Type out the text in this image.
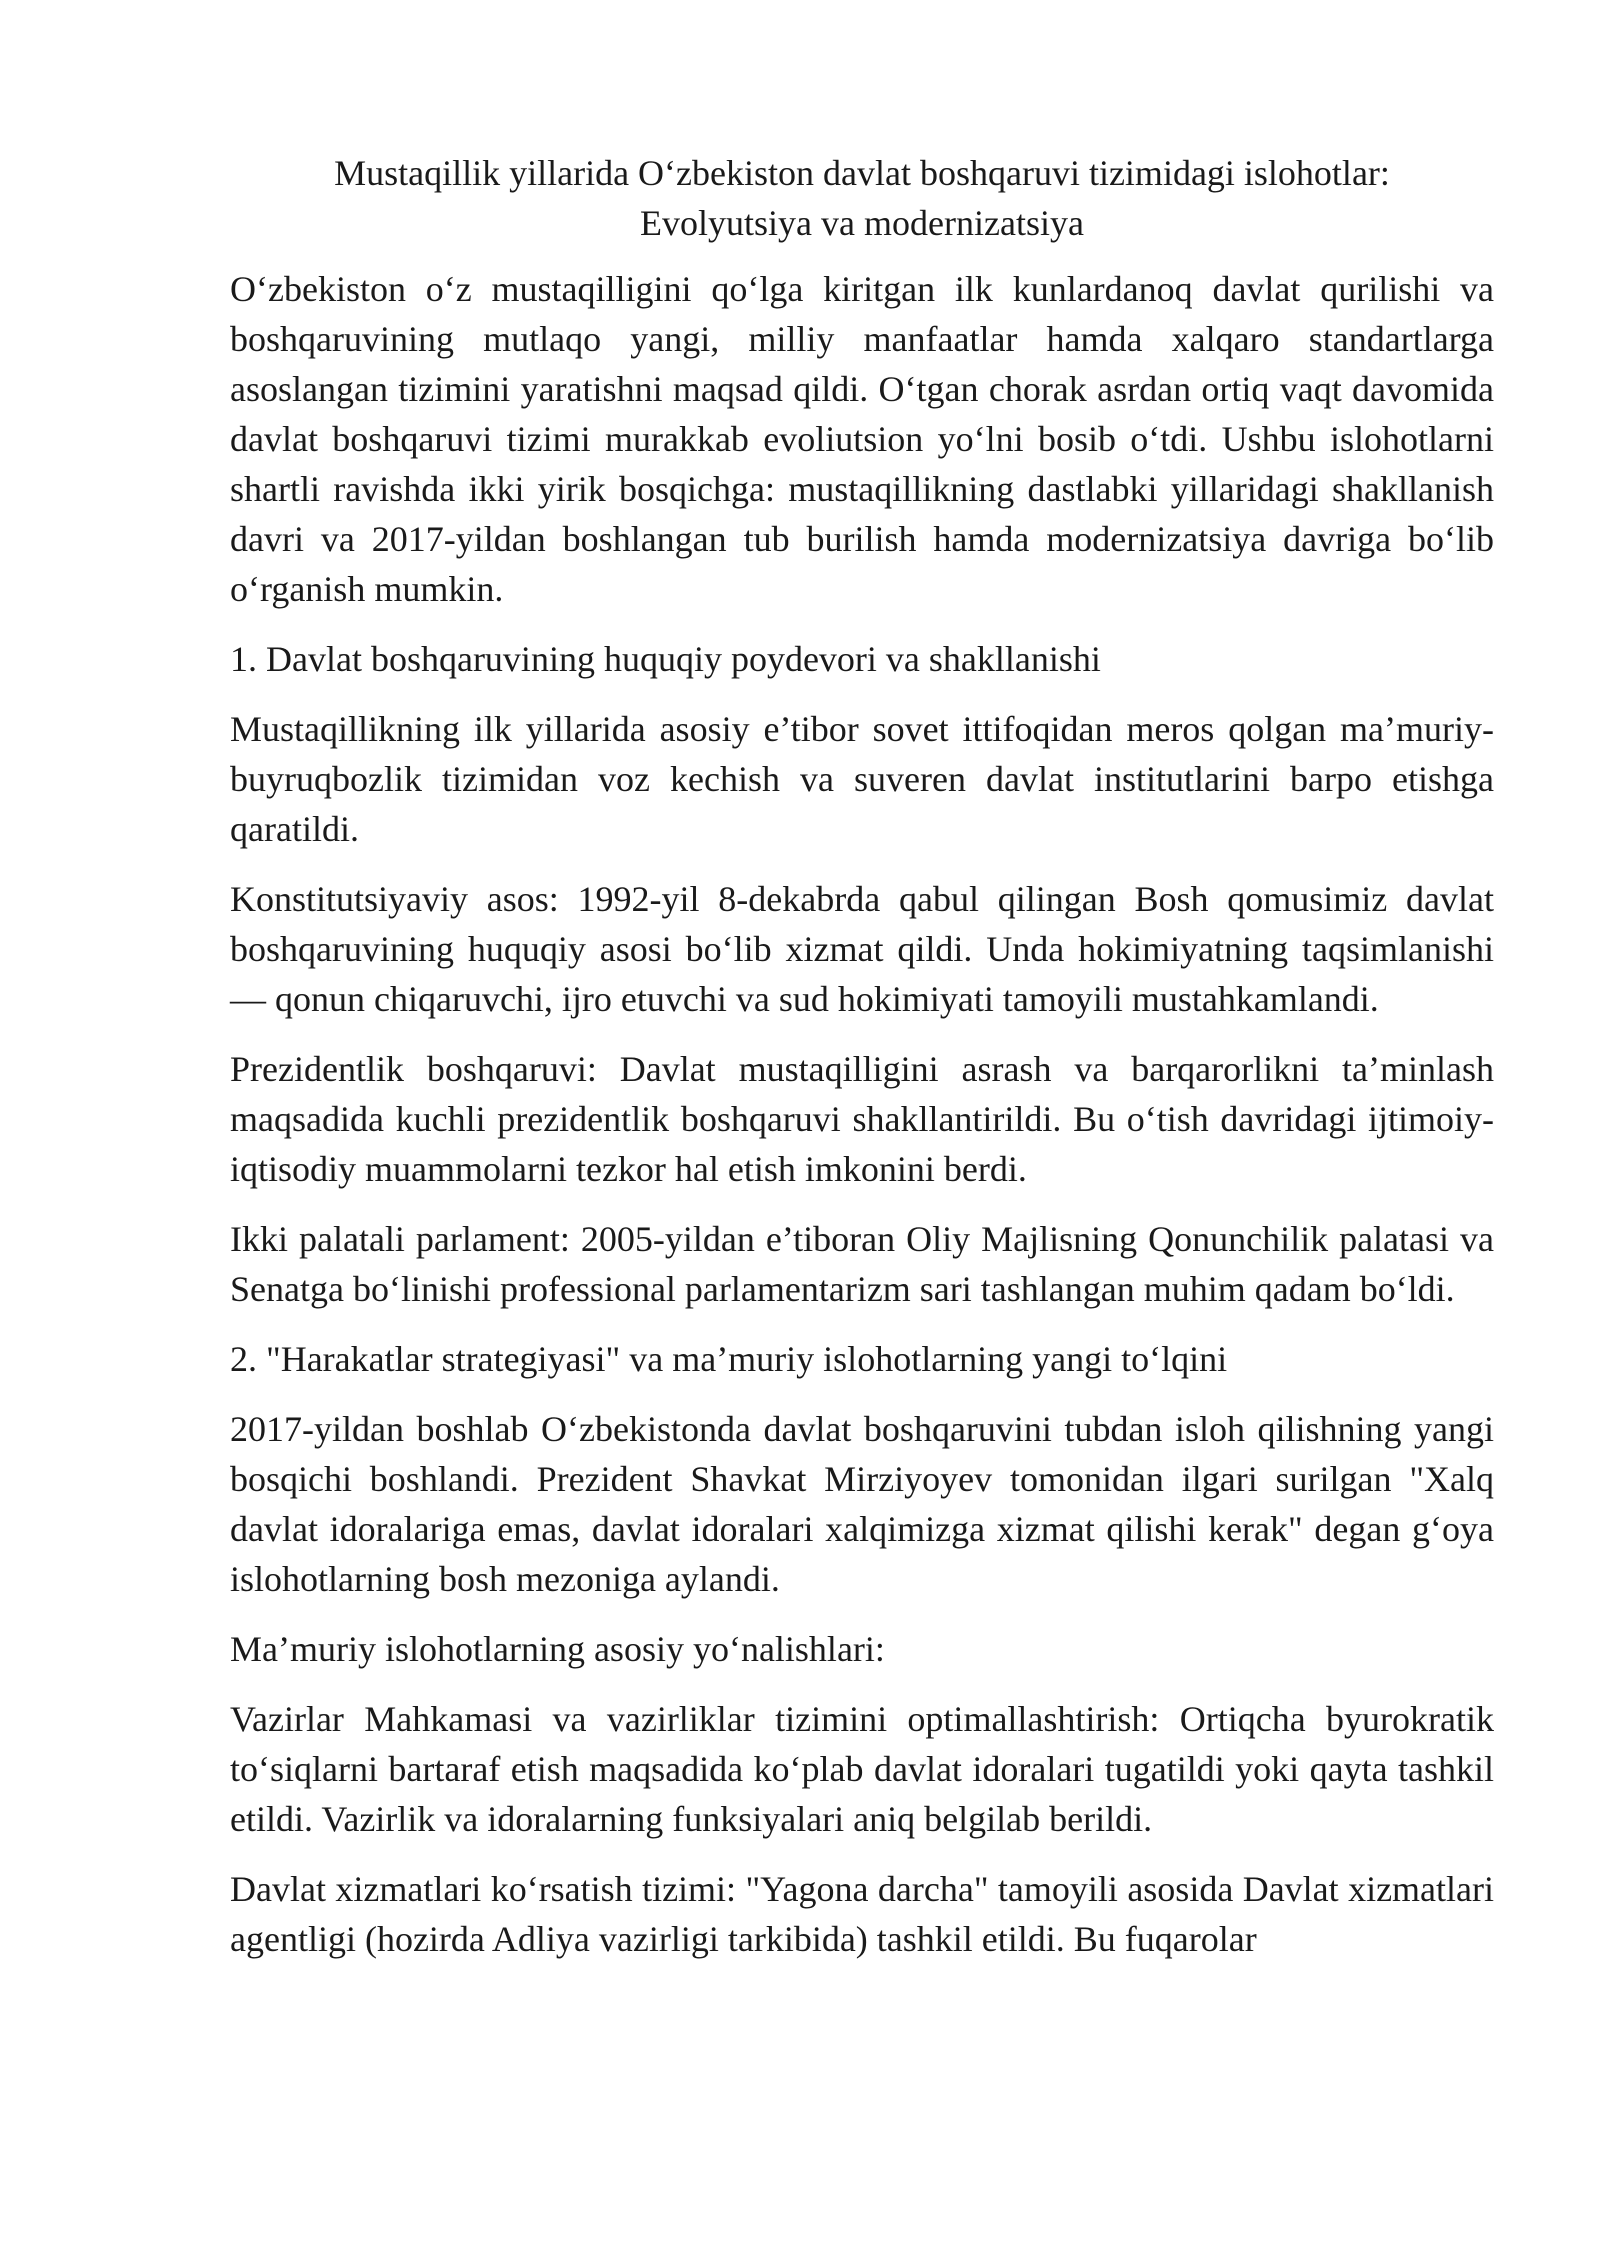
Mustaqillik yillarida O‘zbekiston davlat boshqaruvi tizimidagi islohotlar:
Evolyutsiya va modernizatsiya

O‘zbekiston o‘z mustaqilligini qo‘lga kiritgan ilk kunlardanoq davlat qurilishi va boshqaruvining mutlaqo yangi, milliy manfaatlar hamda xalqaro standartlarga asoslangan tizimini yaratishni maqsad qildi. O‘tgan chorak asrdan ortiq vaqt davomida davlat boshqaruvi tizimi murakkab evoliutsion yo‘lni bosib o‘tdi. Ushbu islohotlarni shartli ravishda ikki yirik bosqichga: mustaqillikning dastlabki yillaridagi shakllanish davri va 2017-yildan boshlangan tub burilish hamda modernizatsiya davriga bo‘lib o‘rganish mumkin.

1. Davlat boshqaruvining huquqiy poydevori va shakllanishi

Mustaqillikning ilk yillarida asosiy e’tibor sovet ittifoqidan meros qolgan ma’muriy-buyruqbozlik tizimidan voz kechish va suveren davlat institutlarini barpo etishga qaratildi.

Konstitutsiyaviy asos: 1992-yil 8-dekabrda qabul qilingan Bosh qomusimiz davlat boshqaruvining huquqiy asosi bo‘lib xizmat qildi. Unda hokimiyatning taqsimlanishi — qonun chiqaruvchi, ijro etuvchi va sud hokimiyati tamoyili mustahkamlandi.

Prezidentlik boshqaruvi: Davlat mustaqilligini asrash va barqarorlikni ta’minlash maqsadida kuchli prezidentlik boshqaruvi shakllantirildi. Bu o‘tish davridagi ijtimoiy-iqtisodiy muammolarni tezkor hal etish imkonini berdi.

Ikki palatali parlament: 2005-yildan e’tiboran Oliy Majlisning Qonunchilik palatasi va Senatga bo‘linishi professional parlamentarizm sari tashlangan muhim qadam bo‘ldi.

2. "Harakatlar strategiyasi" va ma’muriy islohotlarning yangi to‘lqini

2017-yildan boshlab O‘zbekistonda davlat boshqaruvini tubdan isloh qilishning yangi bosqichi boshlandi. Prezident Shavkat Mirziyoyev tomonidan ilgari surilgan "Xalq davlat idoralariga emas, davlat idoralari xalqimizga xizmat qilishi kerak" degan g‘oya islohotlarning bosh mezoniga aylandi.

Ma’muriy islohotlarning asosiy yo‘nalishlari:

Vazirlar Mahkamasi va vazirliklar tizimini optimallashtirish: Ortiqcha byurokratik to‘siqlarni bartaraf etish maqsadida ko‘plab davlat idoralari tugatildi yoki qayta tashkil etildi. Vazirlik va idoralarning funksiyalari aniq belgilab berildi.

Davlat xizmatlari ko‘rsatish tizimi: "Yagona darcha" tamoyili asosida Davlat xizmatlari agentligi (hozirda Adliya vazirligi tarkibida) tashkil etildi. Bu fuqarolar
